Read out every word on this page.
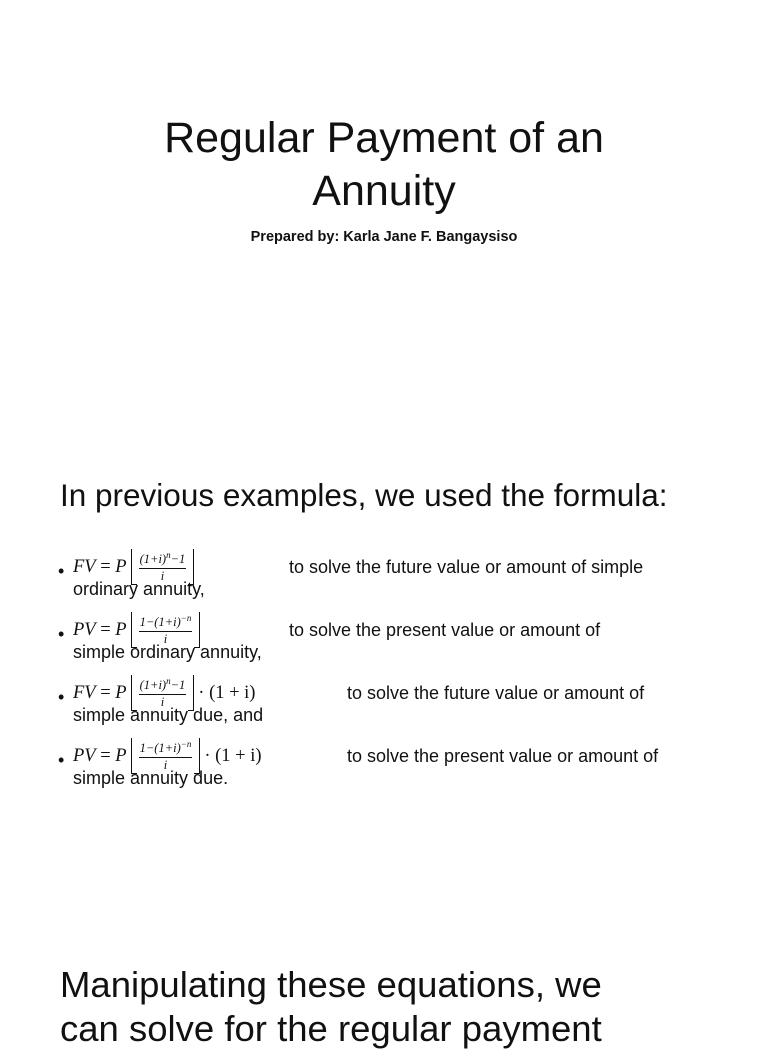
Regular Payment of an
Annuity
Prepared by: Karla Jane F. Bangaysiso
In previous examples, we used the formula:
• FV = P $\frac{(1+i)^n-1}{i}$	to solve the future value or amount of simple
ordinary annuity,
• PV = P $\frac{1-(1+i)^{-n}}{i}$	to solve the present value or amount of
simple ordinary annuity,
• FV = P $\frac{(1+i)^n-1}{i} \cdot (1 + i)$	to solve the future value or amount of
simple annuity due, and
• PV = P $\frac{1-(1+i)^{-n}}{i} \cdot (1 + i)$	to solve the present value or amount of
simple annuity due.
Manipulating these equations, we
can solve for the regular payment
